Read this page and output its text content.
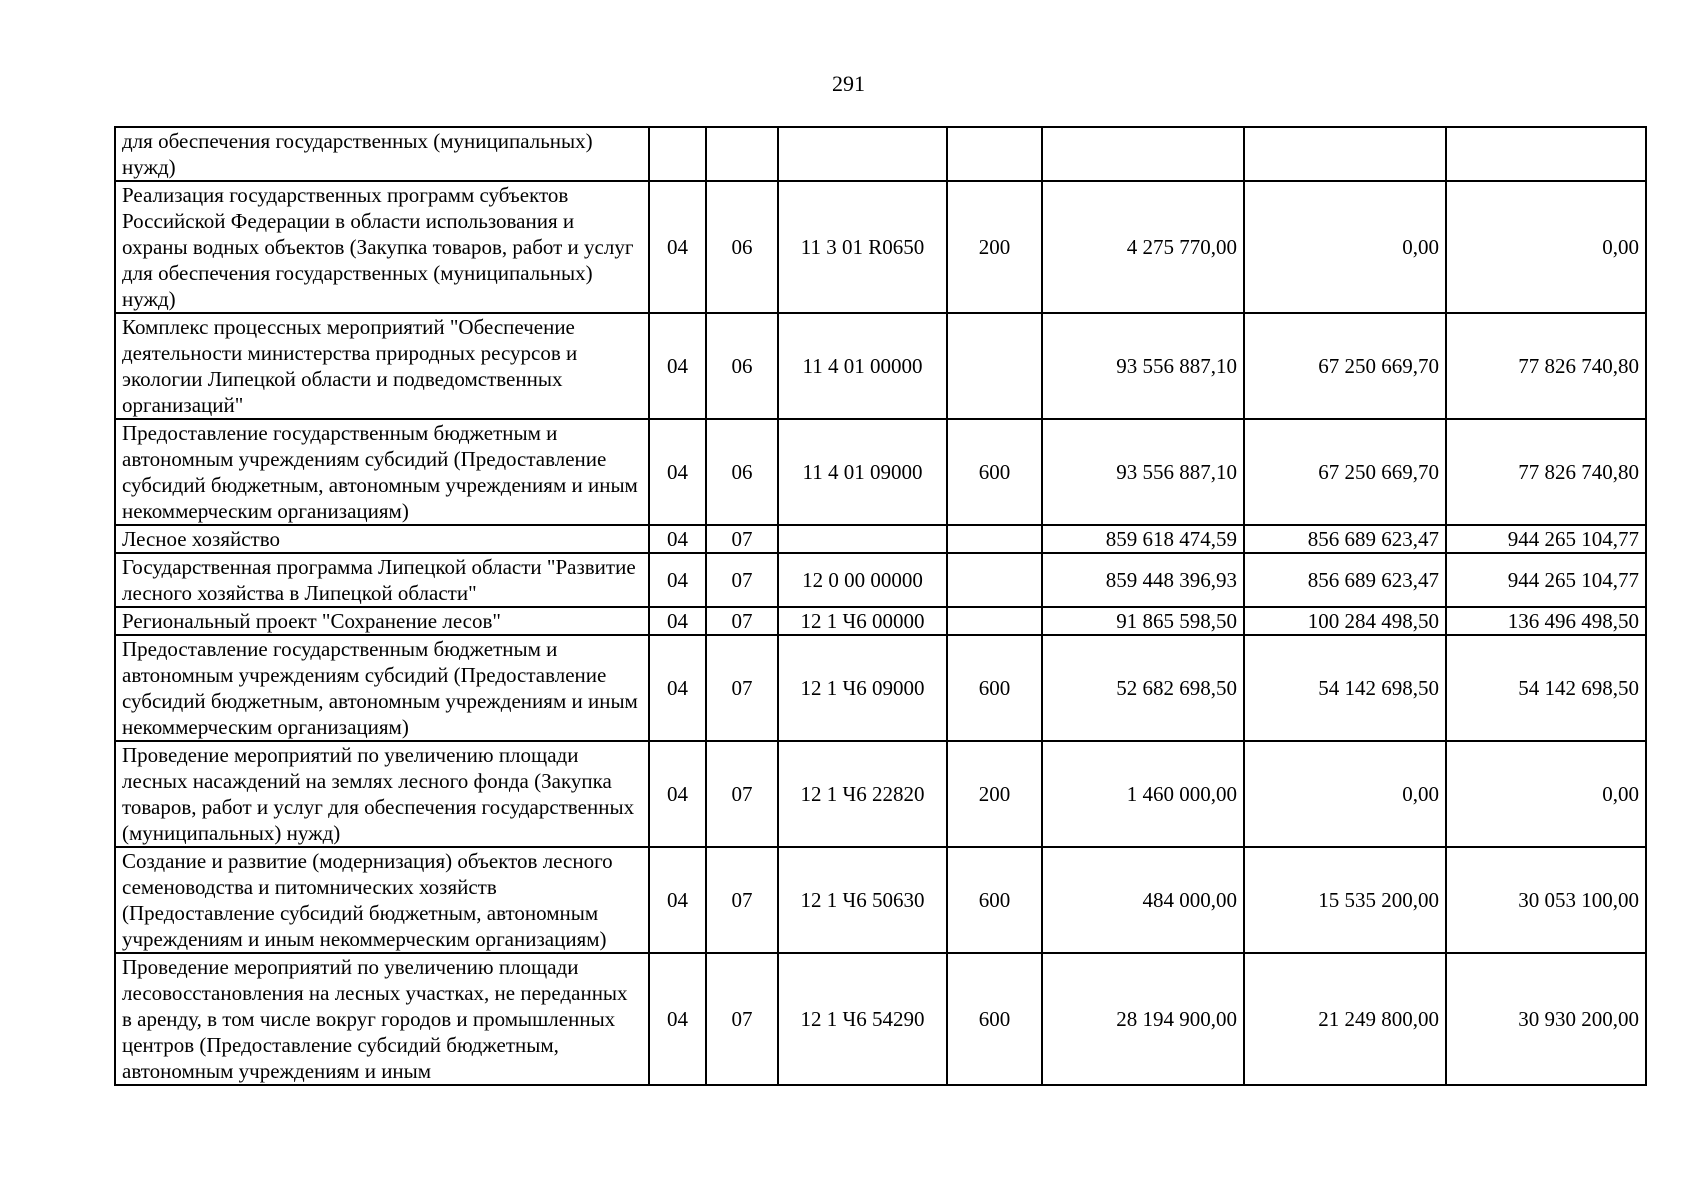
291
для обеспечения государственных (муниципальных) нужд)							
Реализация государственных программ субъектов Российской Федерации в области использования и охраны водных объектов (Закупка товаров, работ и услуг для обеспечения государственных (муниципальных) нужд)	04	06	11 3 01 R0650	200	4 275 770,00	0,00	0,00
Комплекс процессных мероприятий "Обеспечение деятельности министерства природных ресурсов и экологии Липецкой области и подведомственных организаций"	04	06	11 4 01 00000		93 556 887,10	67 250 669,70	77 826 740,80
Предоставление государственным бюджетным и автономным учреждениям субсидий (Предоставление субсидий бюджетным, автономным учреждениям и иным некоммерческим организациям)	04	06	11 4 01 09000	600	93 556 887,10	67 250 669,70	77 826 740,80
Лесное хозяйство	04	07			859 618 474,59	856 689 623,47	944 265 104,77
Государственная программа Липецкой области "Развитие лесного хозяйства в Липецкой области"	04	07	12 0 00 00000		859 448 396,93	856 689 623,47	944 265 104,77
Региональный проект "Сохранение лесов"	04	07	12 1 Ч6 00000		91 865 598,50	100 284 498,50	136 496 498,50
Предоставление государственным бюджетным и автономным учреждениям субсидий (Предоставление субсидий бюджетным, автономным учреждениям и иным некоммерческим организациям)	04	07	12 1 Ч6 09000	600	52 682 698,50	54 142 698,50	54 142 698,50
Проведение мероприятий по увеличению площади лесных насаждений на землях лесного фонда (Закупка товаров, работ и услуг для обеспечения государственных (муниципальных) нужд)	04	07	12 1 Ч6 22820	200	1 460 000,00	0,00	0,00
Создание и развитие (модернизация) объектов лесного семеноводства и питомнических хозяйств (Предоставление субсидий бюджетным, автономным учреждениям и иным некоммерческим организациям)	04	07	12 1 Ч6 50630	600	484 000,00	15 535 200,00	30 053 100,00
Проведение мероприятий по увеличению площади лесовосстановления на лесных участках, не переданных в аренду, в том числе вокруг городов и промышленных центров (Предоставление субсидий бюджетным, автономным учреждениям и иным	04	07	12 1 Ч6 54290	600	28 194 900,00	21 249 800,00	30 930 200,00
